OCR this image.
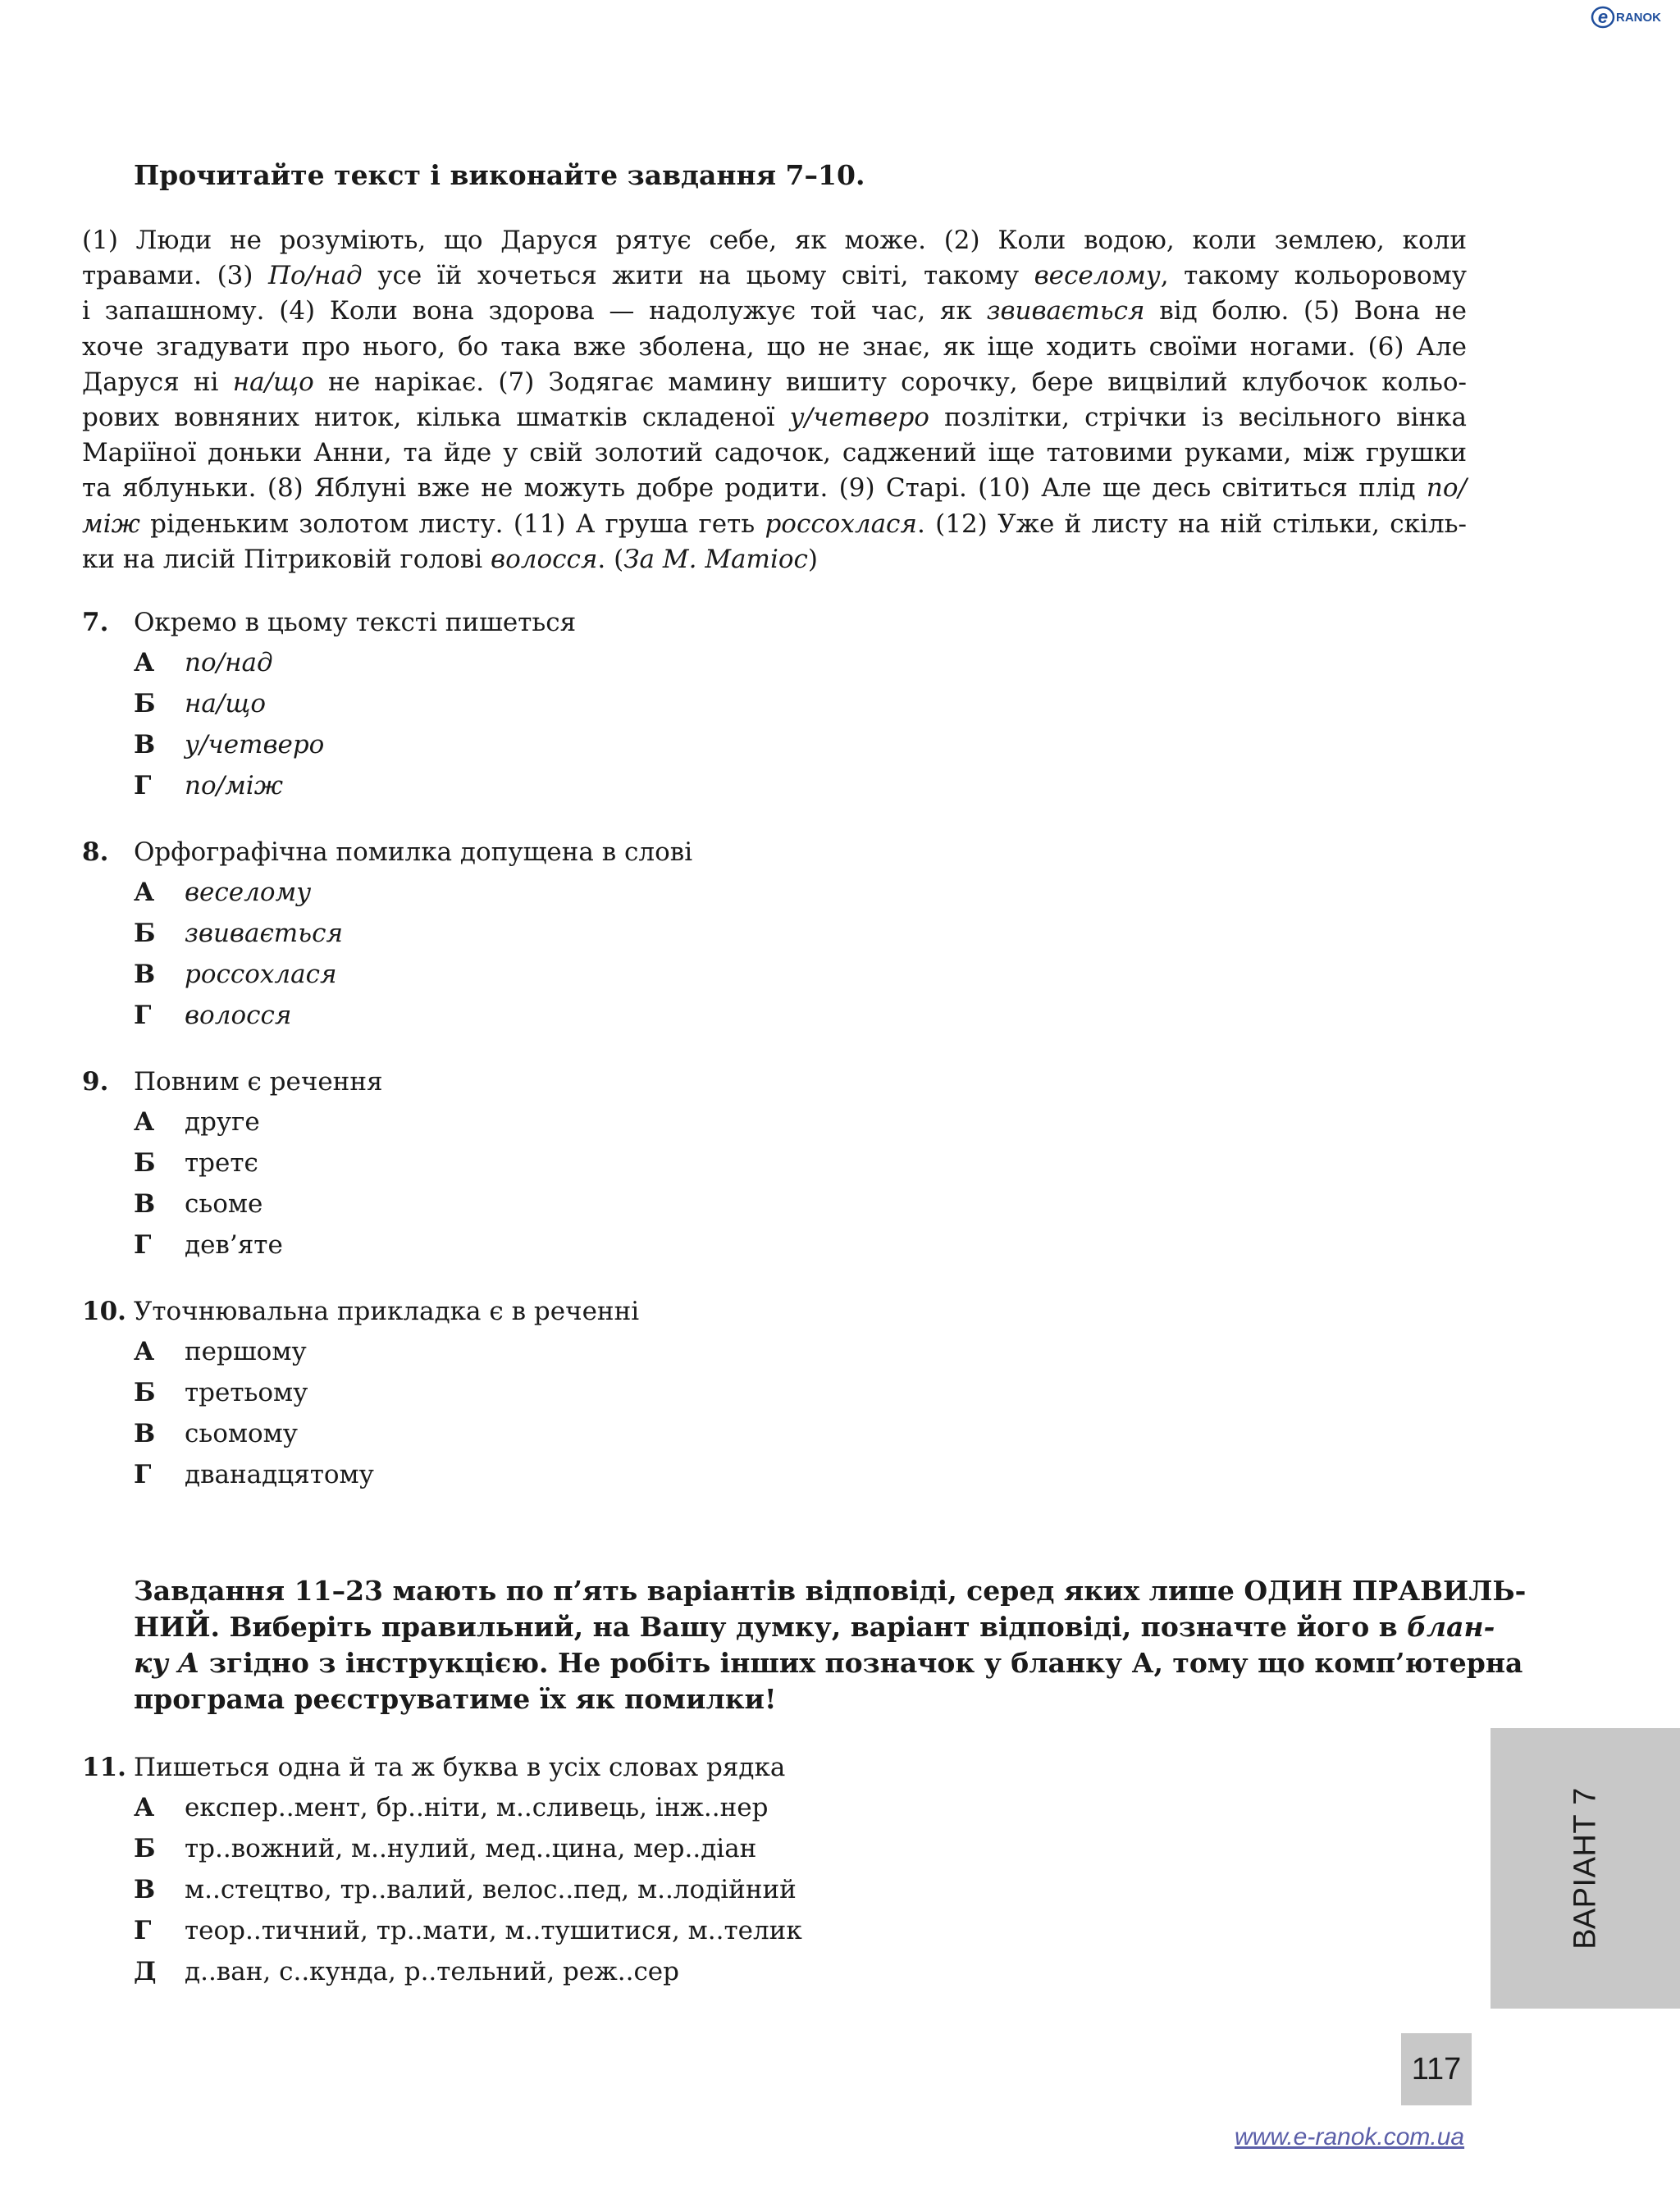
e RANOK
Прочитайте текст і виконайте завдання 7–10.
(1) Люди не розуміють, що Даруся рятує себе, як може. (2) Коли водою, коли землею, коли
травами. (3) По/над усе їй хочеться жити на цьому світі, такому веселому, такому кольоровому
і запашному. (4) Коли вона здорова — надолужує той час, як звивається від болю. (5) Вона не
хоче згадувати про нього, бо така вже зболена, що не знає, як іще ходить своїми ногами. (6) Але
Даруся ні на/що не нарікає. (7) Зодягає мамину вишиту сорочку, бере вицвілий клубочок кольо-
рових вовняних ниток, кілька шматків складеної у/четверо позлітки, стрічки із весільного вінка
Маріїної доньки Анни, та йде у свій золотий садочок, саджений іще татовими руками, між грушки
та яблуньки. (8) Яблуні вже не можуть добре родити. (9) Старі. (10) Але ще десь світиться плід по/
між ріденьким золотом листу. (11) А груша геть россохлася. (12) Уже й листу на ній стільки, скіль-
ки на лисій Пітриковій голові волосся. (За М. Матіос)
7. Окремо в цьому тексті пишеться
А по/над
Б на/що
В у/четверо
Г по/між
8. Орфографічна помилка допущена в слові
А веселому
Б звивається
В россохлася
Г волосся
9. Повним є речення
А друге
Б третє
В сьоме
Г дев’яте
10. Уточнювальна прикладка є в реченні
А першому
Б третьому
В сьомому
Г дванадцятому
Завдання 11–23 мають по п’ять варіантів відповіді, серед яких лише ОДИН ПРАВИЛЬ-
НИЙ. Виберіть правильний, на Вашу думку, варіант відповіді, позначте його в блан-
ку А згідно з інструкцією. Не робіть інших позначок у бланку А, тому що комп’ютерна
програма реєструватиме їх як помилки!
11. Пишеться одна й та ж буква в усіх словах рядка
А експер..мент, бр..ніти, м..сливець, інж..нер
Б тр..вожний, м..нулий, мед..цина, мер..діан
В м..стецтво, тр..валий, велос..пед, м..лодійний
Г теор..тичний, тр..мати, м..тушитися, м..телик
Д д..ван, с..кунда, р..тельний, реж..сер
ВАРІАНТ 7
117
www.e-ranok.com.ua
